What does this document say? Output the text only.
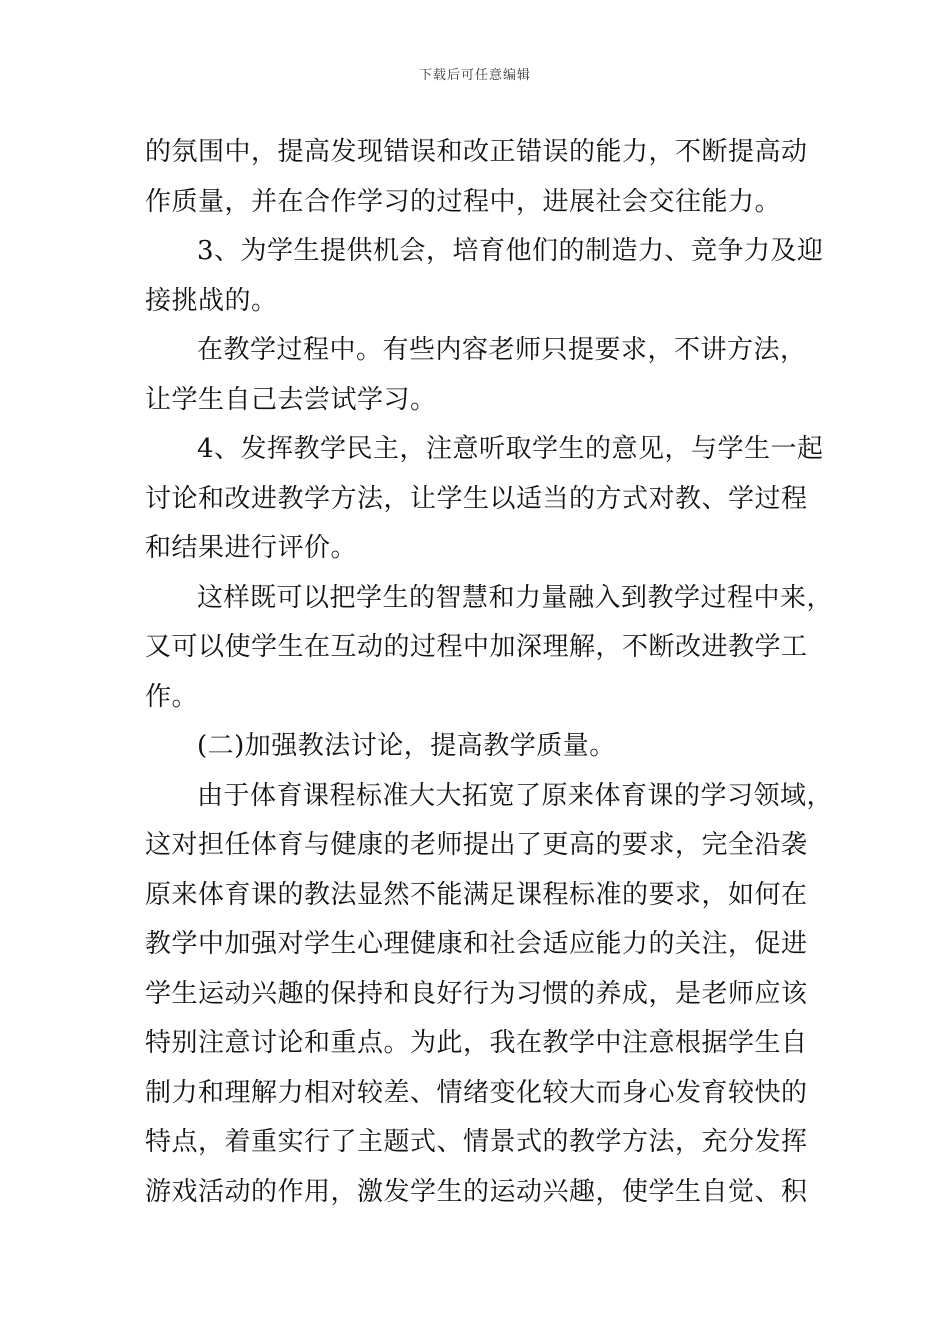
下载后可任意编辑
的氛围中，提高发现错误和改正错误的能力，不断提高动
作质量，并在合作学习的过程中，进展社会交往能力。
3、为学生提供机会，培育他们的制造力、竞争力及迎
接挑战的。
在教学过程中。有些内容老师只提要求，不讲方法，
让学生自己去尝试学习。
4、发挥教学民主，注意听取学生的意见，与学生一起
讨论和改进教学方法，让学生以适当的方式对教、学过程
和结果进行评价。
这样既可以把学生的智慧和力量融入到教学过程中来，
又可以使学生在互动的过程中加深理解，不断改进教学工
作。
(二)加强教法讨论，提高教学质量。
由于体育课程标准大大拓宽了原来体育课的学习领域，
这对担任体育与健康的老师提出了更高的要求，完全沿袭
原来体育课的教法显然不能满足课程标准的要求，如何在
教学中加强对学生心理健康和社会适应能力的关注，促进
学生运动兴趣的保持和良好行为习惯的养成，是老师应该
特别注意讨论和重点。为此，我在教学中注意根据学生自
制力和理解力相对较差、情绪变化较大而身心发育较快的
特点，着重实行了主题式、情景式的教学方法，充分发挥
游戏活动的作用，激发学生的运动兴趣，使学生自觉、积
